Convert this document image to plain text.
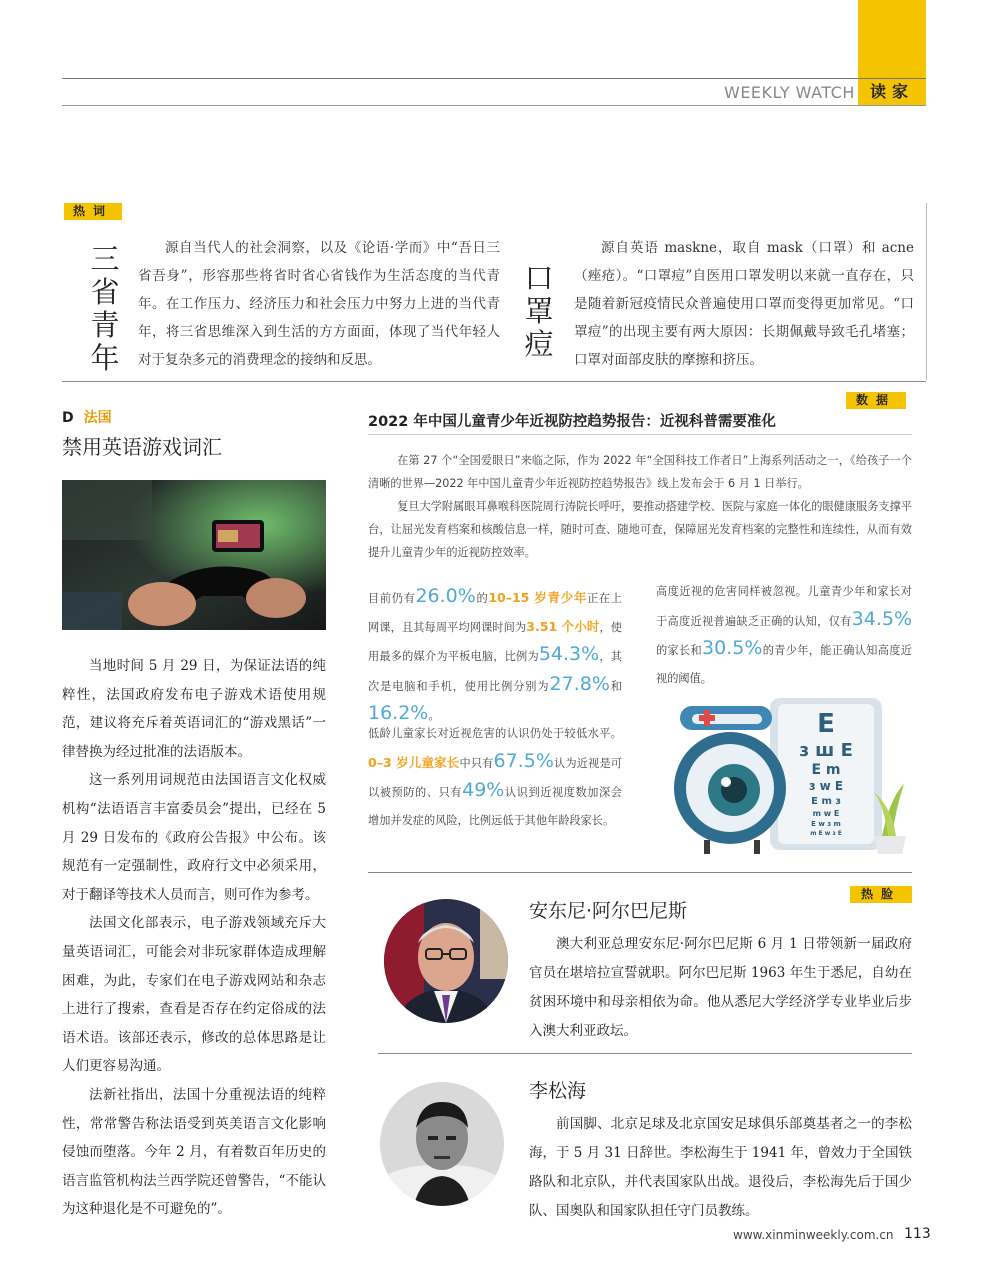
WEEKLY WATCH 读家
热词
三省青年
源自当代人的社会洞察，以及《论语·学而》中“吾日三省吾身”，形容那些将省时省心省钱作为生活态度的当代青年。在工作压力、经济压力和社会压力中努力上进的当代青年，将三省思维深入到生活的方方面面，体现了当代年轻人对于复杂多元的消费理念的接纳和反思。
口罩痘
源自英语 maskne，取自 mask（口罩）和 acne（痤疮）。“口罩痘”自医用口罩发明以来就一直存在，只是随着新冠疫情民众普遍使用口罩而变得更加常见。“口罩痘”的出现主要有两大原因：长期佩戴导致毛孔堵塞；口罩对面部皮肤的摩擦和挤压。
D 法国
禁用英语游戏词汇

当地时间 5 月 29 日，为保证法语的纯粹性，法国政府发布电子游戏术语使用规范，建议将充斥着英语词汇的“游戏黑话”一律替换为经过批准的法语版本。

这一系列用词规范由法国语言文化权威机构“法语语言丰富委员会”提出，已经在 5 月 29 日发布的《政府公告报》中公布。该规范有一定强制性，政府行文中必须采用，对于翻译等技术人员而言，则可作为参考。

法国文化部表示，电子游戏领域充斥大量英语词汇，可能会对非玩家群体造成理解困难，为此，专家们在电子游戏网站和杂志上进行了搜索，查看是否存在约定俗成的法语术语。该部还表示，修改的总体思路是让人们更容易沟通。

法新社指出，法国十分重视法语的纯粹性，常常警告称法语受到英美语言文化影响侵蚀而堕落。今年 2 月，有着数百年历史的语言监管机构法兰西学院还曾警告，“不能认为这种退化是不可避免的”。

数据
2022 年中国儿童青少年近视防控趋势报告：近视科普需要准化

在第 27 个“全国爱眼日”来临之际，作为 2022 年“全国科技工作者日”上海系列活动之一，《给孩子一个清晰的世界—2022 年中国儿童青少年近视防控趋势报告》线上发布会于 6 月 1 日举行。

复旦大学附属眼耳鼻喉科医院周行涛院长呼吁，要推动搭建学校、医院与家庭一体化的眼健康服务支撑平台，让屈光发育档案和核酸信息一样，随时可查、随地可查，保障屈光发育档案的完整性和连续性，从而有效提升儿童青少年的近视防控效率。

目前仍有26.0%的10–15 岁青少年正在上网课，且其每周平均网课时间为3.51 个小时，使用最多的媒介为平板电脑，比例为54.3%，其次是电脑和手机，使用比例分别为27.8%和16.2%。
低龄儿童家长对近视危害的认识仍处于较低水平。0–3 岁儿童家长中只有67.5%认为近视是可以被预防的、只有49%认识到近视度数加深会增加并发症的风险，比例远低于其他年龄段家长。
高度近视的危害同样被忽视。儿童青少年和家长对于高度近视普遍缺乏正确的认知，仅有34.5%的家长和30.5%的青少年，能正确认知高度近视的阈值。
E
ɜ ш E
E m
ɜ w E
E m ɜ
m w E
E w ɜ m
m E w ɜ E
热脸
安东尼·阿尔巴尼斯
澳大利亚总理安东尼·阿尔巴尼斯 6 月 1 日带领新一届政府官员在堪培拉宣誓就职。阿尔巴尼斯 1963 年生于悉尼，自幼在贫困环境中和母亲相依为命。他从悉尼大学经济学专业毕业后步入澳大利亚政坛。
李松海
前国脚、北京足球及北京国安足球俱乐部奠基者之一的李松海，于 5 月 31 日辞世。李松海生于 1941 年，曾效力于全国铁路队和北京队，并代表国家队出战。退役后，李松海先后于国少队、国奥队和国家队担任守门员教练。
www.xinminweekly.com.cn 113
